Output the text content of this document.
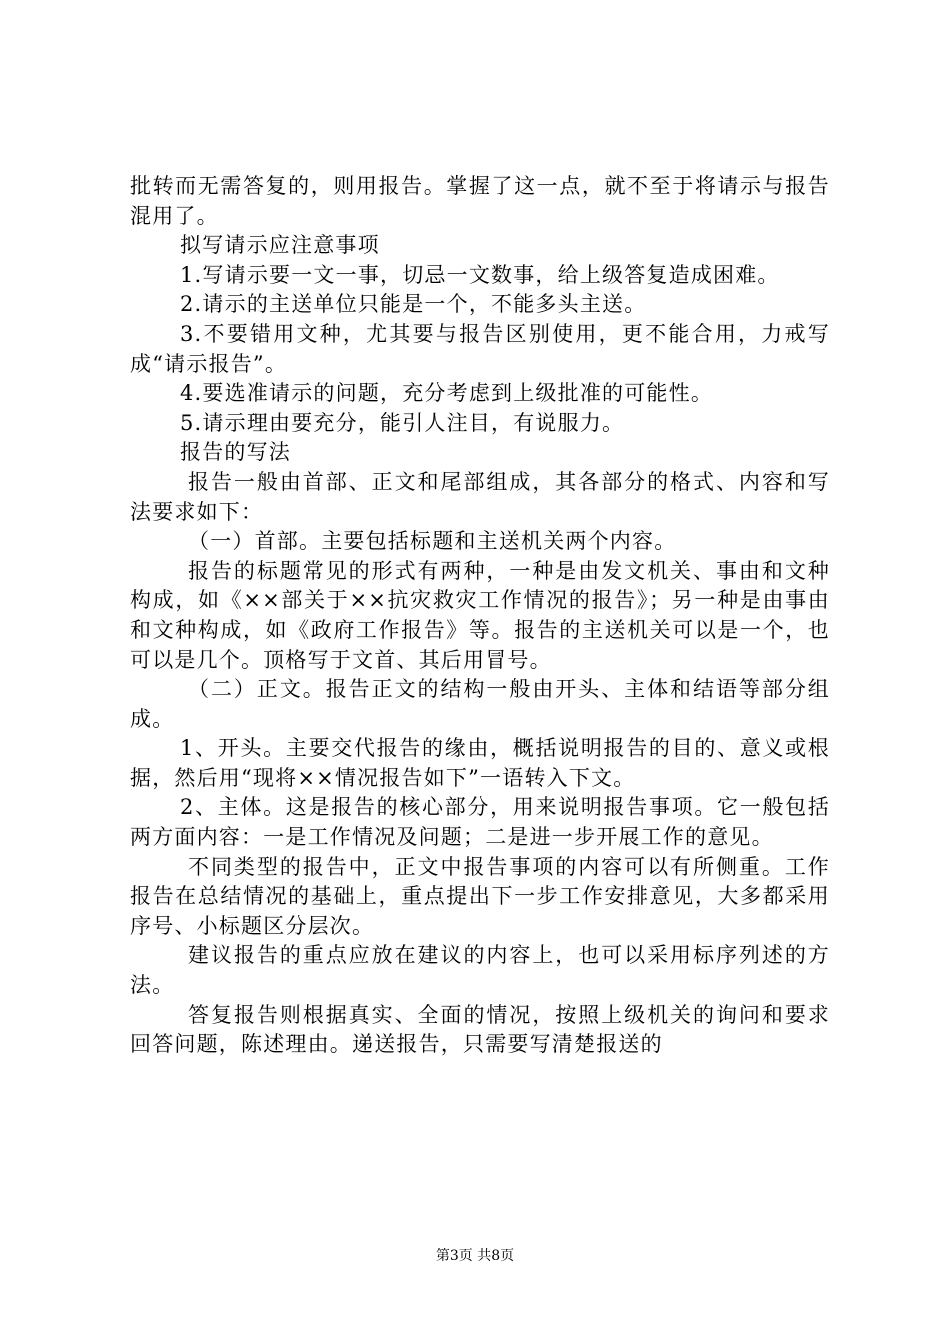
批转而无需答复的，则用报告。掌握了这一点，就不至于将请示与报告混用了。

拟写请示应注意事项

1.写请示要一文一事，切忌一文数事，给上级答复造成困难。

2.请示的主送单位只能是一个，不能多头主送。

3.不要错用文种，尤其要与报告区别使用，更不能合用，力戒写成“请示报告”。

4.要选准请示的问题，充分考虑到上级批准的可能性。

5.请示理由要充分，能引人注目，有说服力。

报告的写法

报告一般由首部、正文和尾部组成，其各部分的格式、内容和写法要求如下：

（一）首部。主要包括标题和主送机关两个内容。

报告的标题常见的形式有两种，一种是由发文机关、事由和文种构成，如《××部关于××抗灾救灾工作情况的报告》；另一种是由事由和文种构成，如《政府工作报告》等。报告的主送机关可以是一个，也可以是几个。顶格写于文首、其后用冒号。

（二）正文。报告正文的结构一般由开头、主体和结语等部分组成。

1、开头。主要交代报告的缘由，概括说明报告的目的、意义或根据，然后用“现将××情况报告如下”一语转入下文。

2、主体。这是报告的核心部分，用来说明报告事项。它一般包括两方面内容：一是工作情况及问题；二是进一步开展工作的意见。

不同类型的报告中，正文中报告事项的内容可以有所侧重。工作报告在总结情况的基础上，重点提出下一步工作安排意见，大多都采用序号、小标题区分层次。

建议报告的重点应放在建议的内容上，也可以采用标序列述的方法。

答复报告则根据真实、全面的情况，按照上级机关的询问和要求回答问题，陈述理由。递送报告，只需要写清楚报送的

第3页 共8页
